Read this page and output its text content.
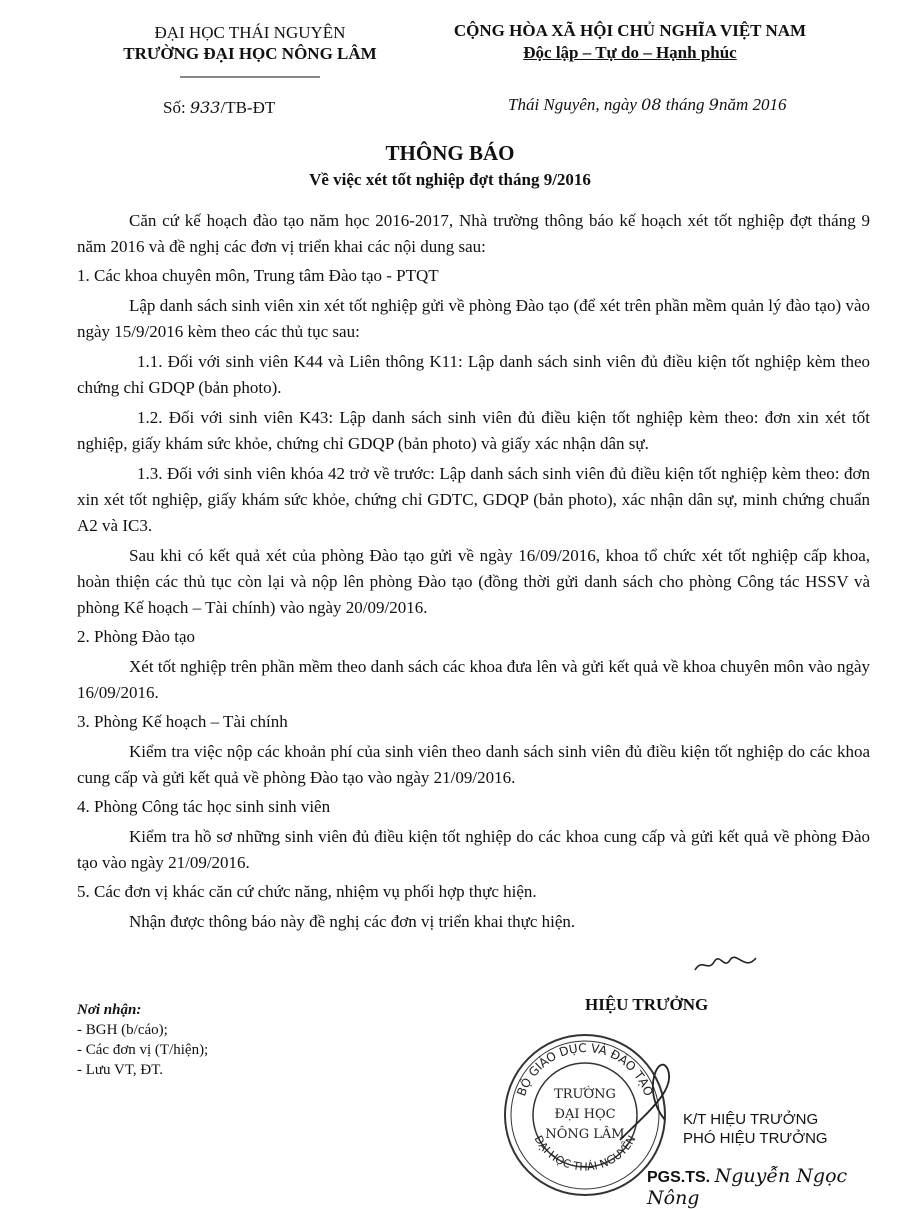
ĐẠI HỌC THÁI NGUYÊN
TRƯỜNG ĐẠI HỌC NÔNG LÂM
CỘNG HÒA XÃ HỘI CHỦ NGHĨA VIỆT NAM
Độc lập – Tự do – Hạnh phúc
Số: 933/TB-ĐT	Thái Nguyên, ngày 08 tháng 9năm 2016
THÔNG BÁO
Về việc xét tốt nghiệp đợt tháng 9/2016

Căn cứ kế hoạch đào tạo năm học 2016-2017, Nhà trường thông báo kế hoạch xét tốt nghiệp đợt tháng 9 năm 2016 và đề nghị các đơn vị triển khai các nội dung sau:

1. Các khoa chuyên môn, Trung tâm Đào tạo - PTQT

Lập danh sách sinh viên xin xét tốt nghiệp gửi về phòng Đào tạo (để xét trên phần mềm quản lý đào tạo) vào ngày 15/9/2016 kèm theo các thủ tục sau:

1.1. Đối với sinh viên K44 và Liên thông K11: Lập danh sách sinh viên đủ điều kiện tốt nghiệp kèm theo chứng chỉ GDQP (bản photo).

1.2. Đối với sinh viên K43: Lập danh sách sinh viên đủ điều kiện tốt nghiệp kèm theo: đơn xin xét tốt nghiệp, giấy khám sức khỏe, chứng chỉ GDQP (bản photo) và giấy xác nhận dân sự.

1.3. Đối với sinh viên khóa 42 trở về trước: Lập danh sách sinh viên đủ điều kiện tốt nghiệp kèm theo: đơn xin xét tốt nghiệp, giấy khám sức khỏe, chứng chỉ GDTC, GDQP (bản photo), xác nhận dân sự, minh chứng chuẩn A2 và IC3.

Sau khi có kết quả xét của phòng Đào tạo gửi về ngày 16/09/2016, khoa tổ chức xét tốt nghiệp cấp khoa, hoàn thiện các thủ tục còn lại và nộp lên phòng Đào tạo (đồng thời gửi danh sách cho phòng Công tác HSSV và phòng Kế hoạch – Tài chính) vào ngày 20/09/2016.

2. Phòng Đào tạo

Xét tốt nghiệp trên phần mềm theo danh sách các khoa đưa lên và gửi kết quả về khoa chuyên môn vào ngày 16/09/2016.

3. Phòng Kế hoạch – Tài chính

Kiểm tra việc nộp các khoản phí của sinh viên theo danh sách sinh viên đủ điều kiện tốt nghiệp do các khoa cung cấp và gửi kết quả về phòng Đào tạo vào ngày 21/09/2016.

4. Phòng Công tác học sinh sinh viên

Kiểm tra hồ sơ những sinh viên đủ điều kiện tốt nghiệp do các khoa cung cấp và gửi kết quả về phòng Đào tạo vào ngày 21/09/2016.

5. Các đơn vị khác căn cứ chức năng, nhiệm vụ phối hợp thực hiện.

Nhận được thông báo này đề nghị các đơn vị triển khai thực hiện.

Nơi nhận:
- BGH (b/cáo);
- Các đơn vị (T/hiện);
- Lưu VT, ĐT.
HIỆU TRƯỞNG
BỘ GIÁO DỤC VÀ ĐÀO TẠO
ĐẠI HỌC THÁI NGUYÊN
TRƯỜNG
ĐẠI HỌC
NÔNG LÂM
K/T HIỆU TRƯỞNG
PHÓ HIỆU TRƯỞNG
PGS.TS. Nguyễn Ngọc Nông
